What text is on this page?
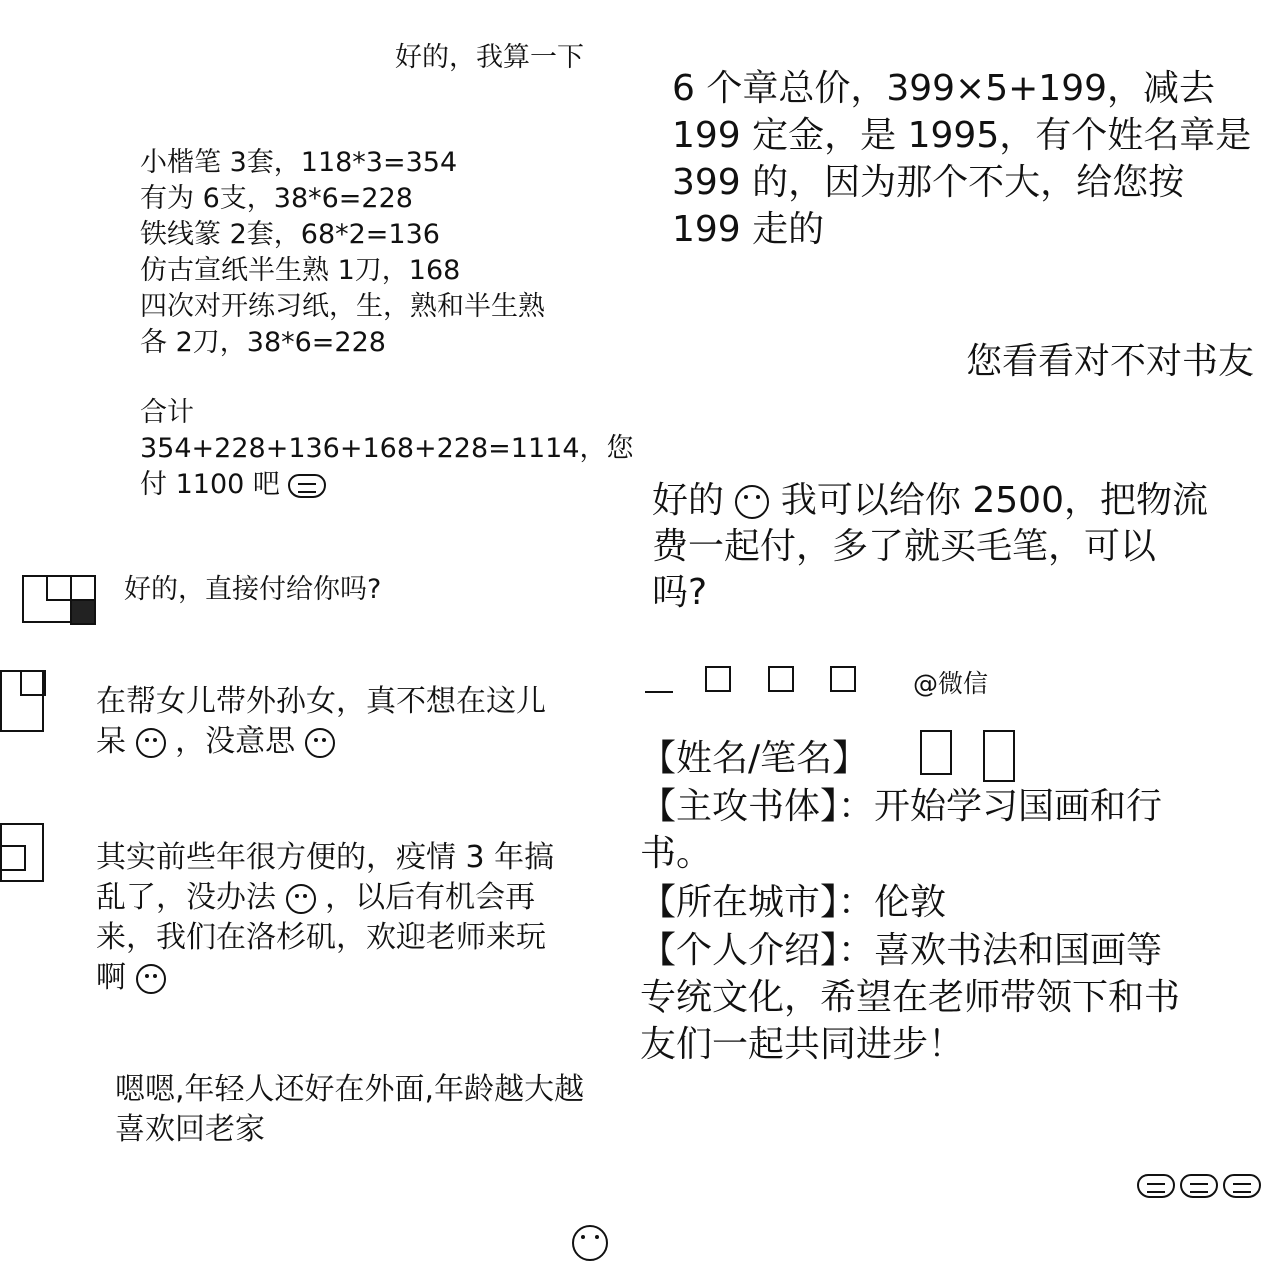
好的，我算一下
小楷笔 3套，118*3=354
有为 6支，38*6=228
铁线篆 2套，68*2=136
仿古宣纸半生熟 1刀，168
四次对开练习纸，生，熟和半生熟
各 2刀，38*6=228
合计
354+228+136+168+228=1114，您
付 1100 吧
好的，直接付给你吗?
在帮女儿带外孙女，真不想在这儿
呆 ，没意思
其实前些年很方便的，疫情 3 年搞
乱了，没办法 ，以后有机会再
来，我们在洛杉矶，欢迎老师来玩
啊
嗯嗯,年轻人还好在外面,年龄越大越
喜欢回老家
6 个章总价，399×5+199，减去
199 定金，是 1995，有个姓名章是
399 的，因为那个不大，给您按
199 走的
您看看对不对书友
好的 我可以给你 2500，把物流
费一起付，多了就买毛笔，可以
吗?
@微信
【姓名/笔名】
【主攻书体】：开始学习国画和行
书。
【所在城市】：伦敦
【个人介绍】：喜欢书法和国画等
专统文化，希望在老师带领下和书
友们一起共同进步！
